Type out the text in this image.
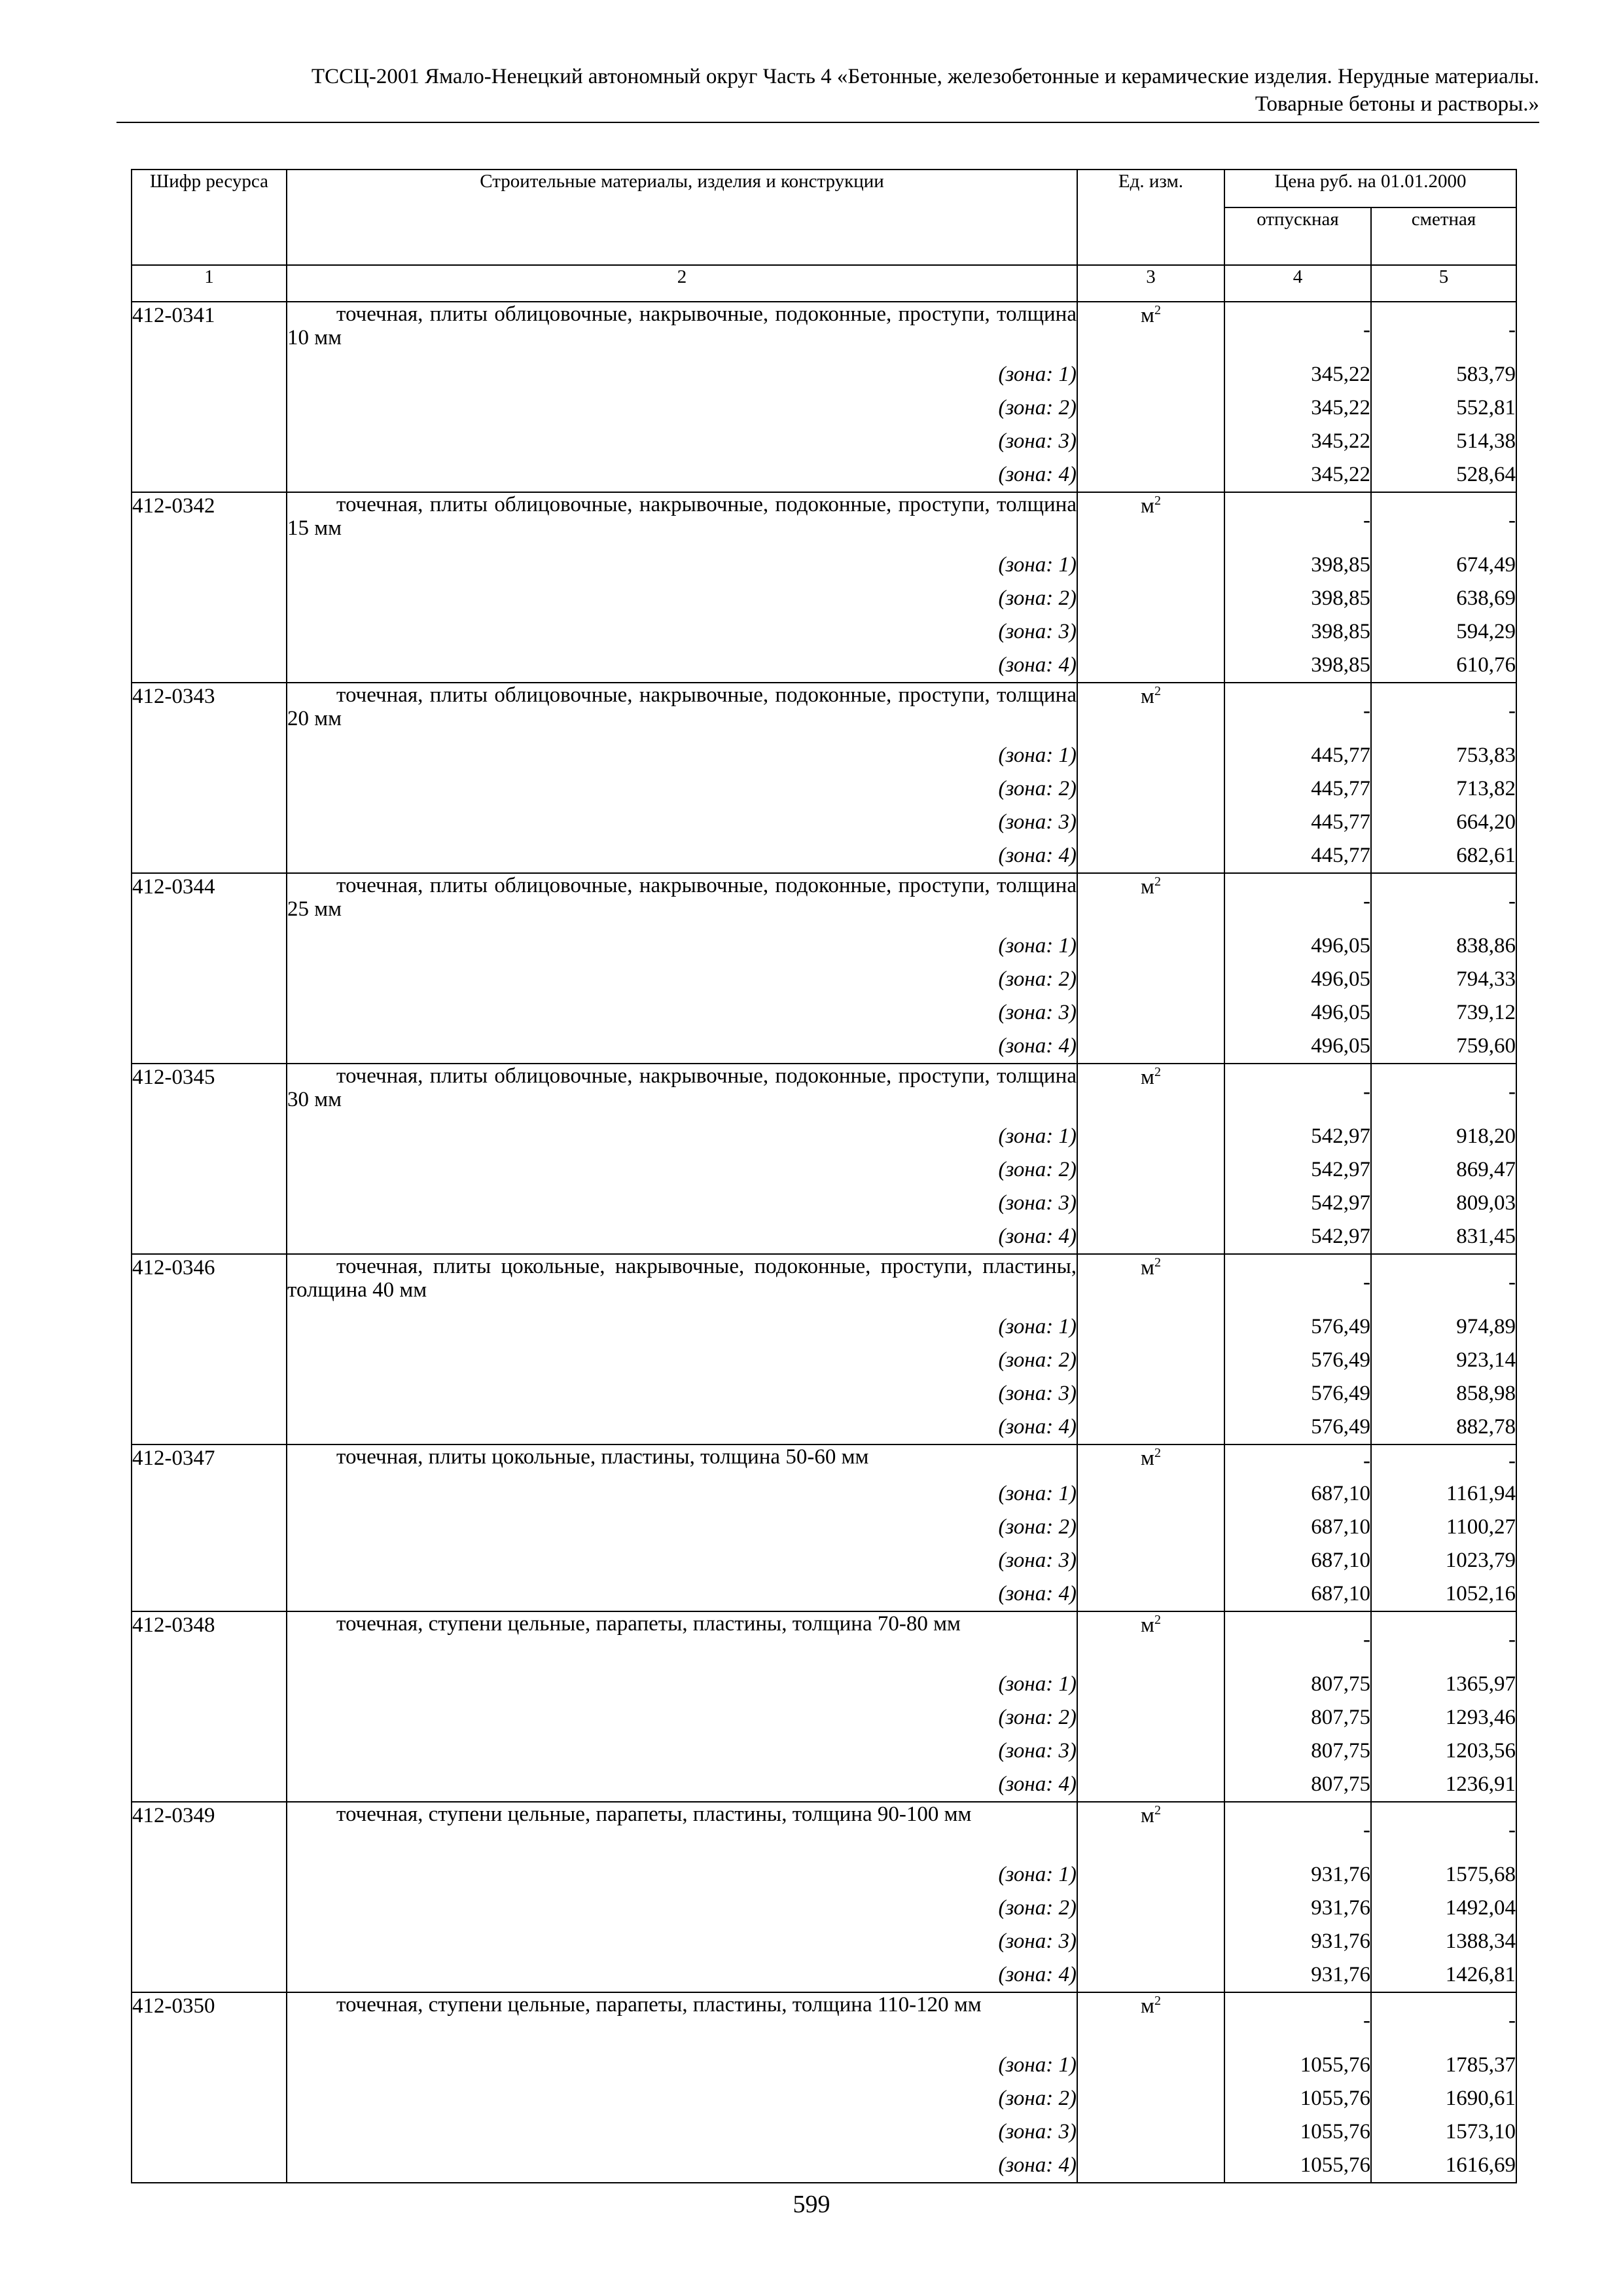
ТССЦ-2001 Ямало-Ненецкий автономный округ Часть 4 «Бетонные, железобетонные и керамические изделия. Нерудные материалы.
Товарные бетоны и растворы.»
Шифр ресурса	Строительные материалы, изделия и конструкции	Ед. изм.	Цена руб. на 01.01.2000	
			отпускная	сметная
1	2	3	4	5
412-0341	точечная, плиты облицовочные, накрывочные, подоконные, проступи, толщина 10 мм	$м^2$	-	-
	(зона: 1)		345,22	583,79
	(зона: 2)		345,22	552,81
	(зона: 3)		345,22	514,38
	(зона: 4)		345,22	528,64
412-0342	точечная, плиты облицовочные, накрывочные, подоконные, проступи, толщина 15 мм	$м^2$	-	-
	(зона: 1)		398,85	674,49
	(зона: 2)		398,85	638,69
	(зона: 3)		398,85	594,29
	(зона: 4)		398,85	610,76
412-0343	точечная, плиты облицовочные, накрывочные, подоконные, проступи, толщина 20 мм	$м^2$	-	-
	(зона: 1)		445,77	753,83
	(зона: 2)		445,77	713,82
	(зона: 3)		445,77	664,20
	(зона: 4)		445,77	682,61
412-0344	точечная, плиты облицовочные, накрывочные, подоконные, проступи, толщина 25 мм	$м^2$	-	-
	(зона: 1)		496,05	838,86
	(зона: 2)		496,05	794,33
	(зона: 3)		496,05	739,12
	(зона: 4)		496,05	759,60
412-0345	точечная, плиты облицовочные, накрывочные, подоконные, проступи, толщина 30 мм	$м^2$	-	-
	(зона: 1)		542,97	918,20
	(зона: 2)		542,97	869,47
	(зона: 3)		542,97	809,03
	(зона: 4)		542,97	831,45
412-0346	точечная, плиты цокольные, накрывочные, подоконные, проступи, пластины, толщина 40 мм	$м^2$	-	-
	(зона: 1)		576,49	974,89
	(зона: 2)		576,49	923,14
	(зона: 3)		576,49	858,98
	(зона: 4)		576,49	882,78
412-0347	точечная, плиты цокольные, пластины, толщина 50-60 мм	$м^2$	-	-
	(зона: 1)		687,10	1161,94
	(зона: 2)		687,10	1100,27
	(зона: 3)		687,10	1023,79
	(зона: 4)		687,10	1052,16
412-0348	точечная, ступени цельные, парапеты, пластины, толщина 70-80 мм	$м^2$	-	-
	(зона: 1)		807,75	1365,97
	(зона: 2)		807,75	1293,46
	(зона: 3)		807,75	1203,56
	(зона: 4)		807,75	1236,91
412-0349	точечная, ступени цельные, парапеты, пластины, толщина 90-100 мм	$м^2$	-	-
	(зона: 1)		931,76	1575,68
	(зона: 2)		931,76	1492,04
	(зона: 3)		931,76	1388,34
	(зона: 4)		931,76	1426,81
412-0350	точечная, ступени цельные, парапеты, пластины, толщина 110-120 мм	$м^2$	-	-
	(зона: 1)		1055,76	1785,37
	(зона: 2)		1055,76	1690,61
	(зона: 3)		1055,76	1573,10
	(зона: 4)		1055,76	1616,69
599
